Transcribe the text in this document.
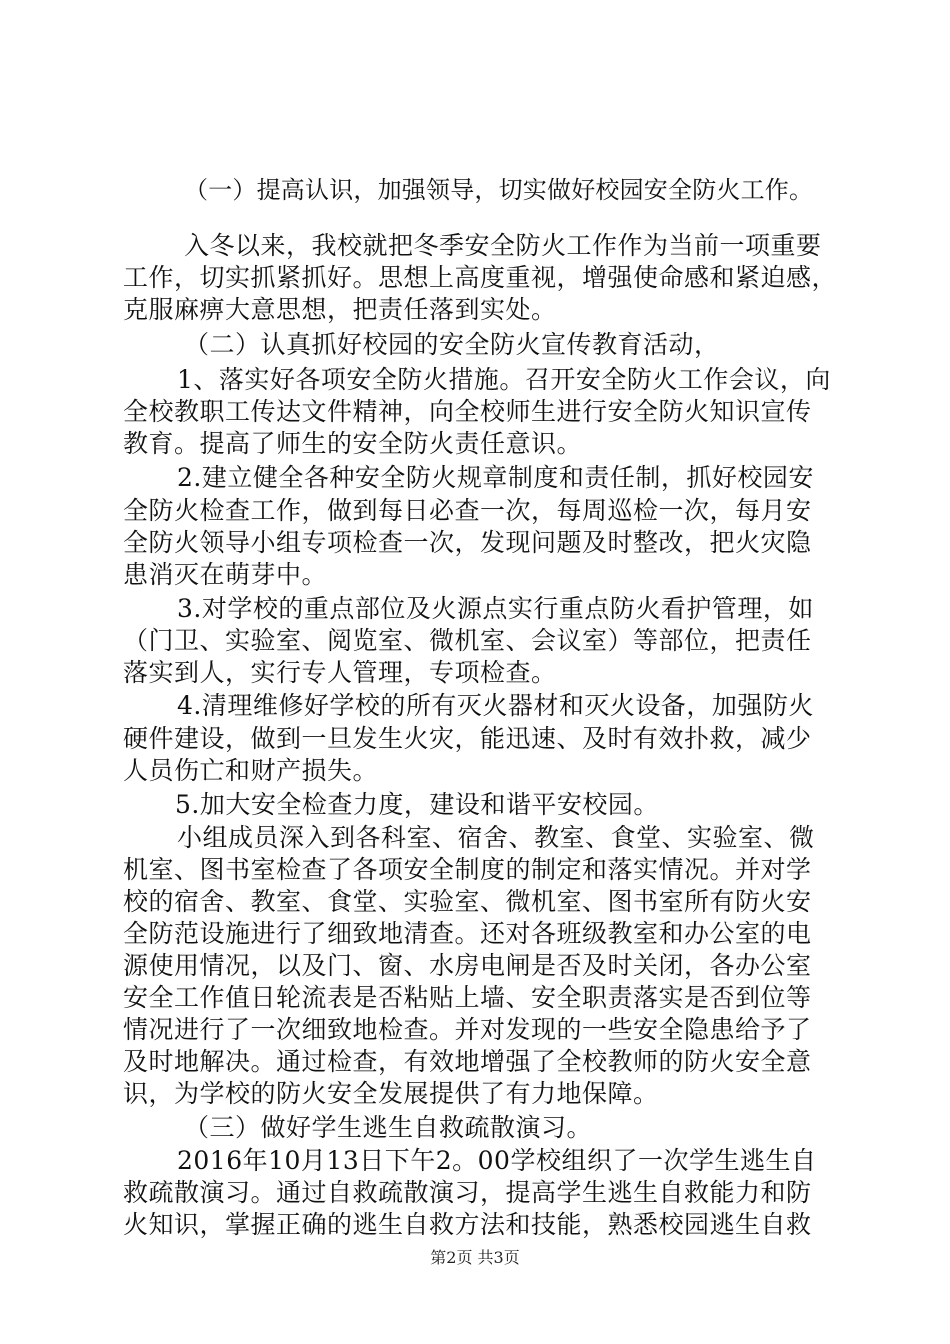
（一）提高认识，加强领导，切实做好校园安全防火工作。
入冬以来，我校就把冬季安全防火工作作为当前一项重要
工作，切实抓紧抓好。思想上高度重视，增强使命感和紧迫感，
克服麻痹大意思想，把责任落到实处。
（二）认真抓好校园的安全防火宣传教育活动，
1、落实好各项安全防火措施。召开安全防火工作会议，向
全校教职工传达文件精神，向全校师生进行安全防火知识宣传
教育。提高了师生的安全防火责任意识。
2.建立健全各种安全防火规章制度和责任制，抓好校园安
全防火检查工作，做到每日必查一次，每周巡检一次，每月安
全防火领导小组专项检查一次，发现问题及时整改，把火灾隐
患消灭在萌芽中。
3.对学校的重点部位及火源点实行重点防火看护管理，如
（门卫、实验室、阅览室、微机室、会议室）等部位，把责任
落实到人，实行专人管理，专项检查。
4.清理维修好学校的所有灭火器材和灭火设备，加强防火
硬件建设，做到一旦发生火灾，能迅速、及时有效扑救，减少
人员伤亡和财产损失。
5.加大安全检查力度，建设和谐平安校园。
小组成员深入到各科室、宿舍、教室、食堂、实验室、微
机室、图书室检查了各项安全制度的制定和落实情况。并对学
校的宿舍、教室、食堂、实验室、微机室、图书室所有防火安
全防范设施进行了细致地清查。还对各班级教室和办公室的电
源使用情况，以及门、窗、水房电闸是否及时关闭，各办公室
安全工作值日轮流表是否粘贴上墙、安全职责落实是否到位等
情况进行了一次细致地检查。并对发现的一些安全隐患给予了
及时地解决。通过检查，有效地增强了全校教师的防火安全意
识，为学校的防火安全发展提供了有力地保障。
（三）做好学生逃生自救疏散演习。
2016年10月13日下午2。00学校组织了一次学生逃生自
救疏散演习。通过自救疏散演习，提高学生逃生自救能力和防
火知识，掌握正确的逃生自救方法和技能，熟悉校园逃生自救
第2页 共3页
